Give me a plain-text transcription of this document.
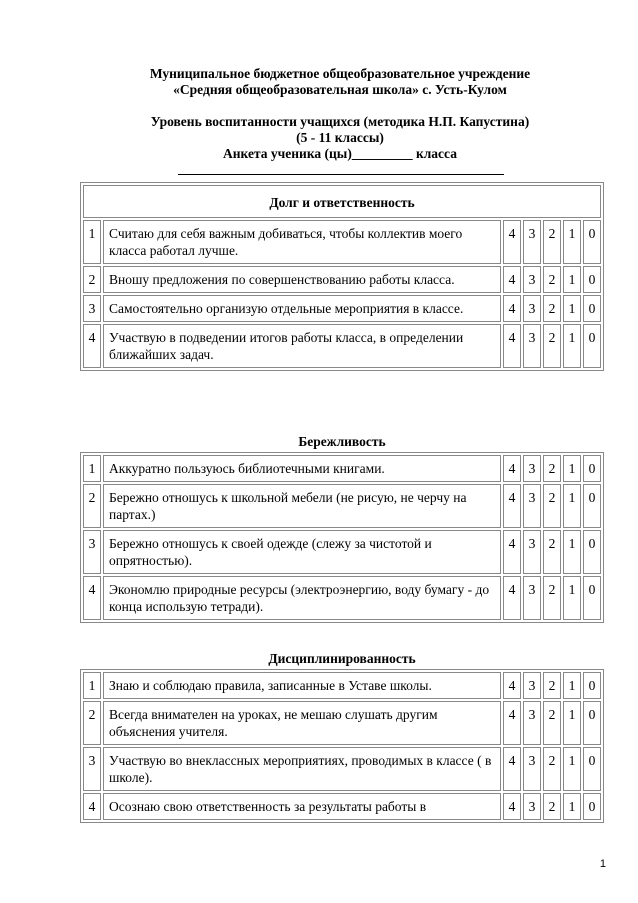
Муниципальное бюджетное общеобразовательное учреждение
«Средняя общеобразовательная школа» с. Усть-Кулом
Уровень воспитанности учащихся (методика Н.П. Капустина)
(5 - 11 классы)
Анкета ученика (цы)_________ класса
Долг и ответственность						
1	Считаю для себя важным добиваться, чтобы коллектив моего класса работал лучше.	4	3	2	1	0
2	Вношу предложения по совершенствованию работы класса.	4	3	2	1	0
3	Самостоятельно организую отдельные мероприятия в классе.	4	3	2	1	0
4	Участвую в подведении итогов работы класса, в определении ближайших задач.	4	3	2	1	0
Бережливость
1	Аккуратно пользуюсь библиотечными книгами.	4	3	2	1	0
2	Бережно отношусь к школьной мебели (не рисую, не черчу на партах.)	4	3	2	1	0
3	Бережно отношусь к своей одежде (слежу за чистотой и опрятностью).	4	3	2	1	0
4	Экономлю природные ресурсы (электроэнергию, воду бумагу - до конца использую тетради).	4	3	2	1	0
Дисциплинированность
1	Знаю и соблюдаю правила, записанные в Уставе школы.	4	3	2	1	0
2	Всегда внимателен на уроках, не мешаю слушать другим объяснения учителя.	4	3	2	1	0
3	Участвую во внеклассных мероприятиях, проводимых в классе ( в школе).	4	3	2	1	0
4	Осознаю свою ответственность за результаты работы в	4	3	2	1	0
1
